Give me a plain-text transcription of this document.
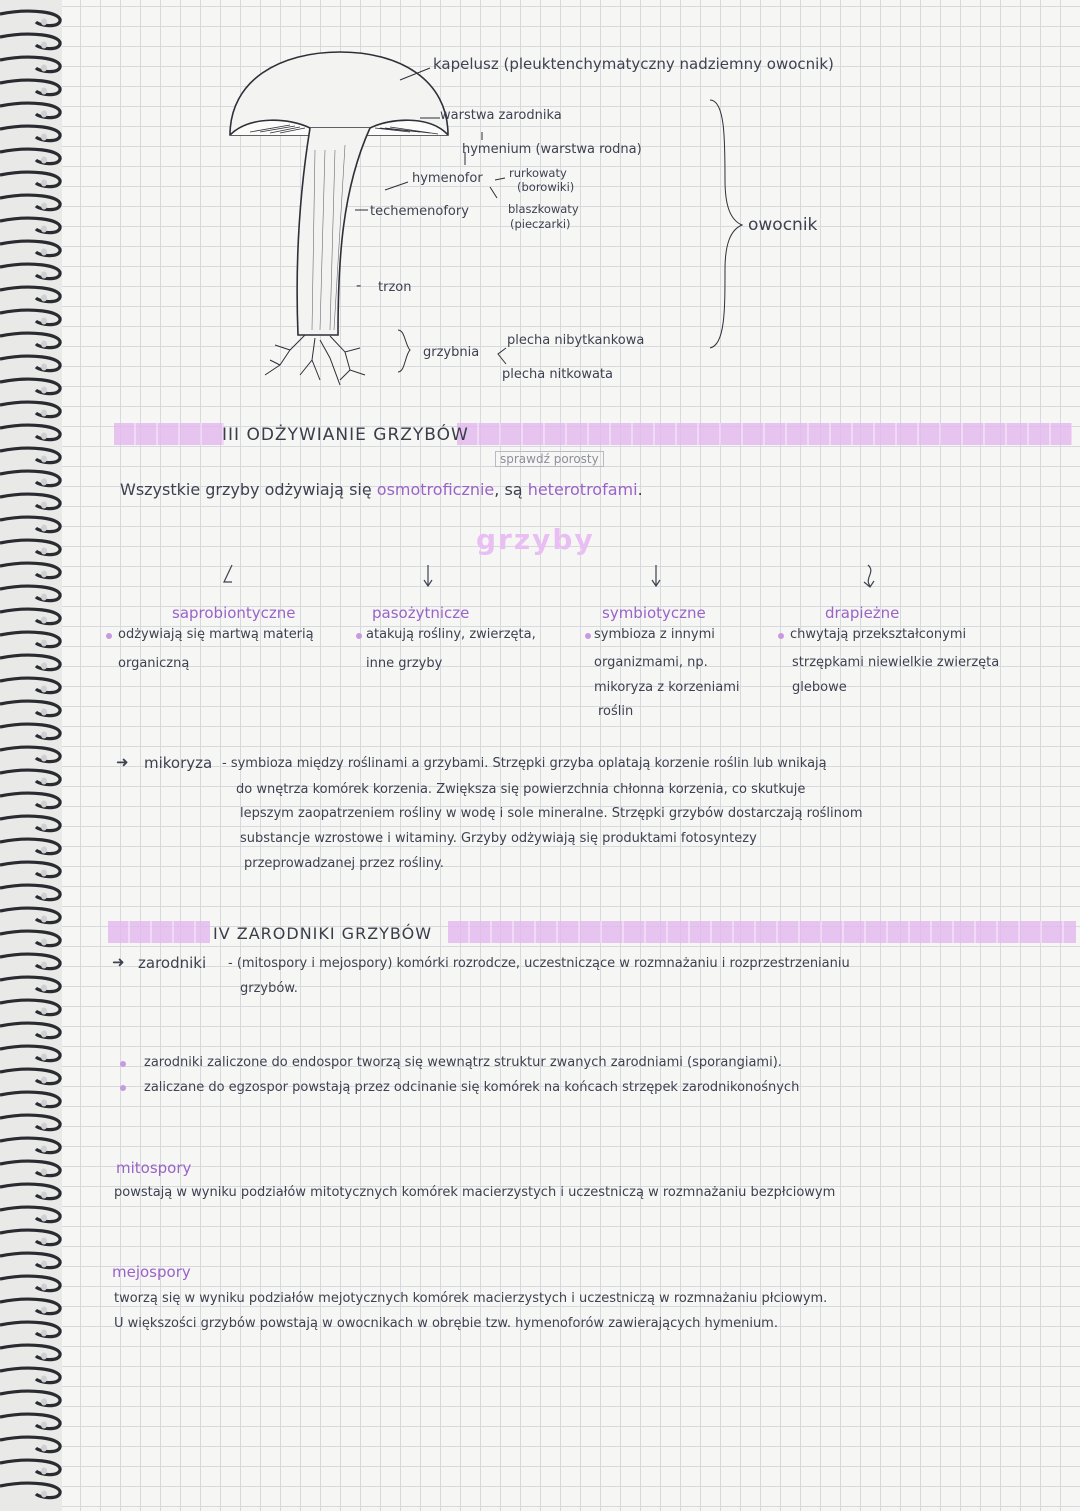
kapelusz (pleuktenchymatyczny nadziemny owocnik)
warstwa zarodnika
hymenium (warstwa rodna)
hymenofor rurkowaty
(borowiki)
blaszkowaty
(pieczarki)
techemenofory
trzon
-
grzybnia
plecha nibytkankowa
plecha nitkowata
owocnik
III ODŻYWIANIE GRZYBÓW
sprawdź porosty
Wszystkie grzyby odżywiają się osmotroficznie, są heterotrofami.
grzyby
saprobiontyczne
odżywiają się martwą materią
organiczną
pasożytnicze
atakują rośliny, zwierzęta,
inne grzyby
symbiotyczne
symbioza z innymi
organizmami, np.
mikoryza z korzeniami
roślin
drapieżne
chwytają przekształconymi
strzępkami niewielkie zwierzęta
glebowe
➜ mikoryza - symbioza między roślinami a grzybami. Strzępki grzyba oplatają korzenie roślin lub wnikają
do wnętrza komórek korzenia. Zwiększa się powierzchnia chłonna korzenia, co skutkuje
lepszym zaopatrzeniem rośliny w wodę i sole mineralne. Strzępki grzybów dostarczają roślinom
substancje wzrostowe i witaminy. Grzyby odżywiają się produktami fotosyntezy
przeprowadzanej przez rośliny.
IV ZARODNIKI GRZYBÓW
➜ zarodniki - (mitospory i mejospory) komórki rozrodcze, uczestniczące w rozmnażaniu i rozprzestrzenianiu
grzybów.
zarodniki zaliczone do endospor tworzą się wewnątrz struktur zwanych zarodniami (sporangiami).
zaliczane do egzospor powstają przez odcinanie się komórek na końcach strzępek zarodnikonośnych
mitospory
powstają w wyniku podziałów mitotycznych komórek macierzystych i uczestniczą w rozmnażaniu bezpłciowym
mejospory
tworzą się w wyniku podziałów mejotycznych komórek macierzystych i uczestniczą w rozmnażaniu płciowym.
U większości grzybów powstają w owocnikach w obrębie tzw. hymenoforów zawierających hymenium.
